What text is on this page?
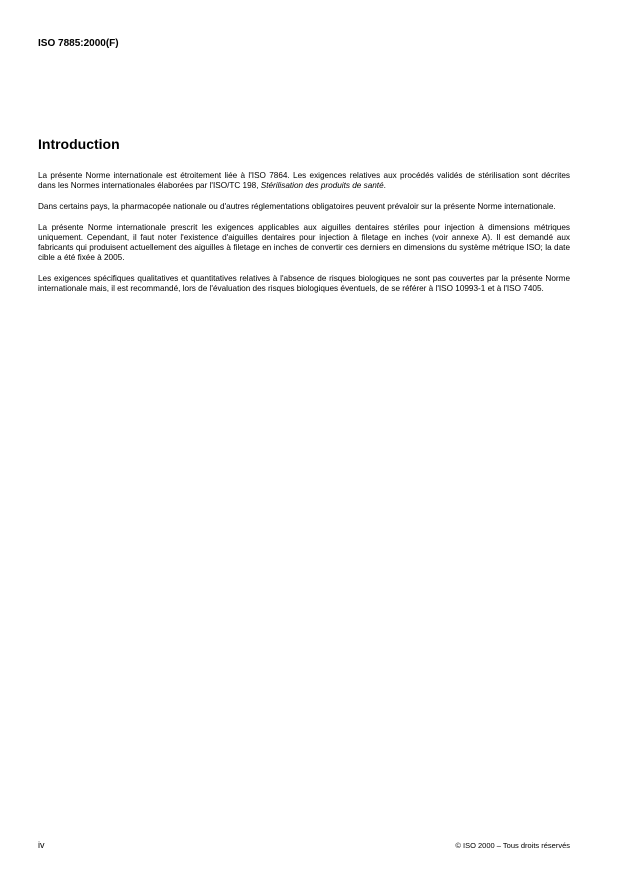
ISO 7885:2000(F)
Introduction

La présente Norme internationale est étroitement liée à l'ISO 7864. Les exigences relatives aux procédés validés de stérilisation sont décrites dans les Normes internationales élaborées par l'ISO/TC 198, Stérilisation des produits de santé.

Dans certains pays, la pharmacopée nationale ou d'autres réglementations obligatoires peuvent prévaloir sur la présente Norme internationale.

La présente Norme internationale prescrit les exigences applicables aux aiguilles dentaires stériles pour injection à dimensions métriques uniquement. Cependant, il faut noter l'existence d'aiguilles dentaires pour injection à filetage en inches (voir annexe A). Il est demandé aux fabricants qui produisent actuellement des aiguilles à filetage en inches de convertir ces derniers en dimensions du système métrique ISO; la date cible a été fixée à 2005.

Les exigences spécifiques qualitatives et quantitatives relatives à l'absence de risques biologiques ne sont pas couvertes par la présente Norme internationale mais, il est recommandé, lors de l'évaluation des risques biologiques éventuels, de se référer à l'ISO 10993-1 et à l'ISO 7405.

iv	© ISO 2000 – Tous droits réservés
